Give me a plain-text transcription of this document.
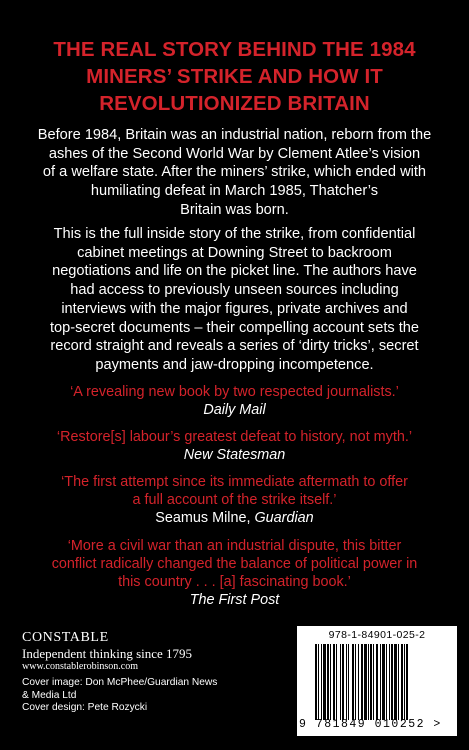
THE REAL STORY BEHIND THE 1984
MINERS’ STRIKE AND HOW IT
REVOLUTIONIZED BRITAIN
Before 1984, Britain was an industrial nation, reborn from the
ashes of the Second World War by Clement Atlee’s vision
of a welfare state. After the miners’ strike, which ended with
humiliating defeat in March 1985, Thatcher’s
Britain was born.
This is the full inside story of the strike, from confidential
cabinet meetings at Downing Street to backroom
negotiations and life on the picket line. The authors have
had access to previously unseen sources including
interviews with the major figures, private archives and
top-secret documents – their compelling account sets the
record straight and reveals a series of ‘dirty tricks’, secret
payments and jaw-dropping incompetence.
‘A revealing new book by two respected journalists.’
Daily Mail
‘Restore[s] labour’s greatest defeat to history, not myth.’
New Statesman
‘The first attempt since its immediate aftermath to offer
a full account of the strike itself.’
Seamus Milne, Guardian
‘More a civil war than an industrial dispute, this bitter
conflict radically changed the balance of political power in
this country . . . [a] fascinating book.’
The First Post
CONSTABLE
Independent thinking since 1795
www.constablerobinson.com
Cover image: Don McPhee/Guardian News
& Media Ltd
Cover design: Pete Rozycki
978-1-84901-025-2
9 781849 010252 >
